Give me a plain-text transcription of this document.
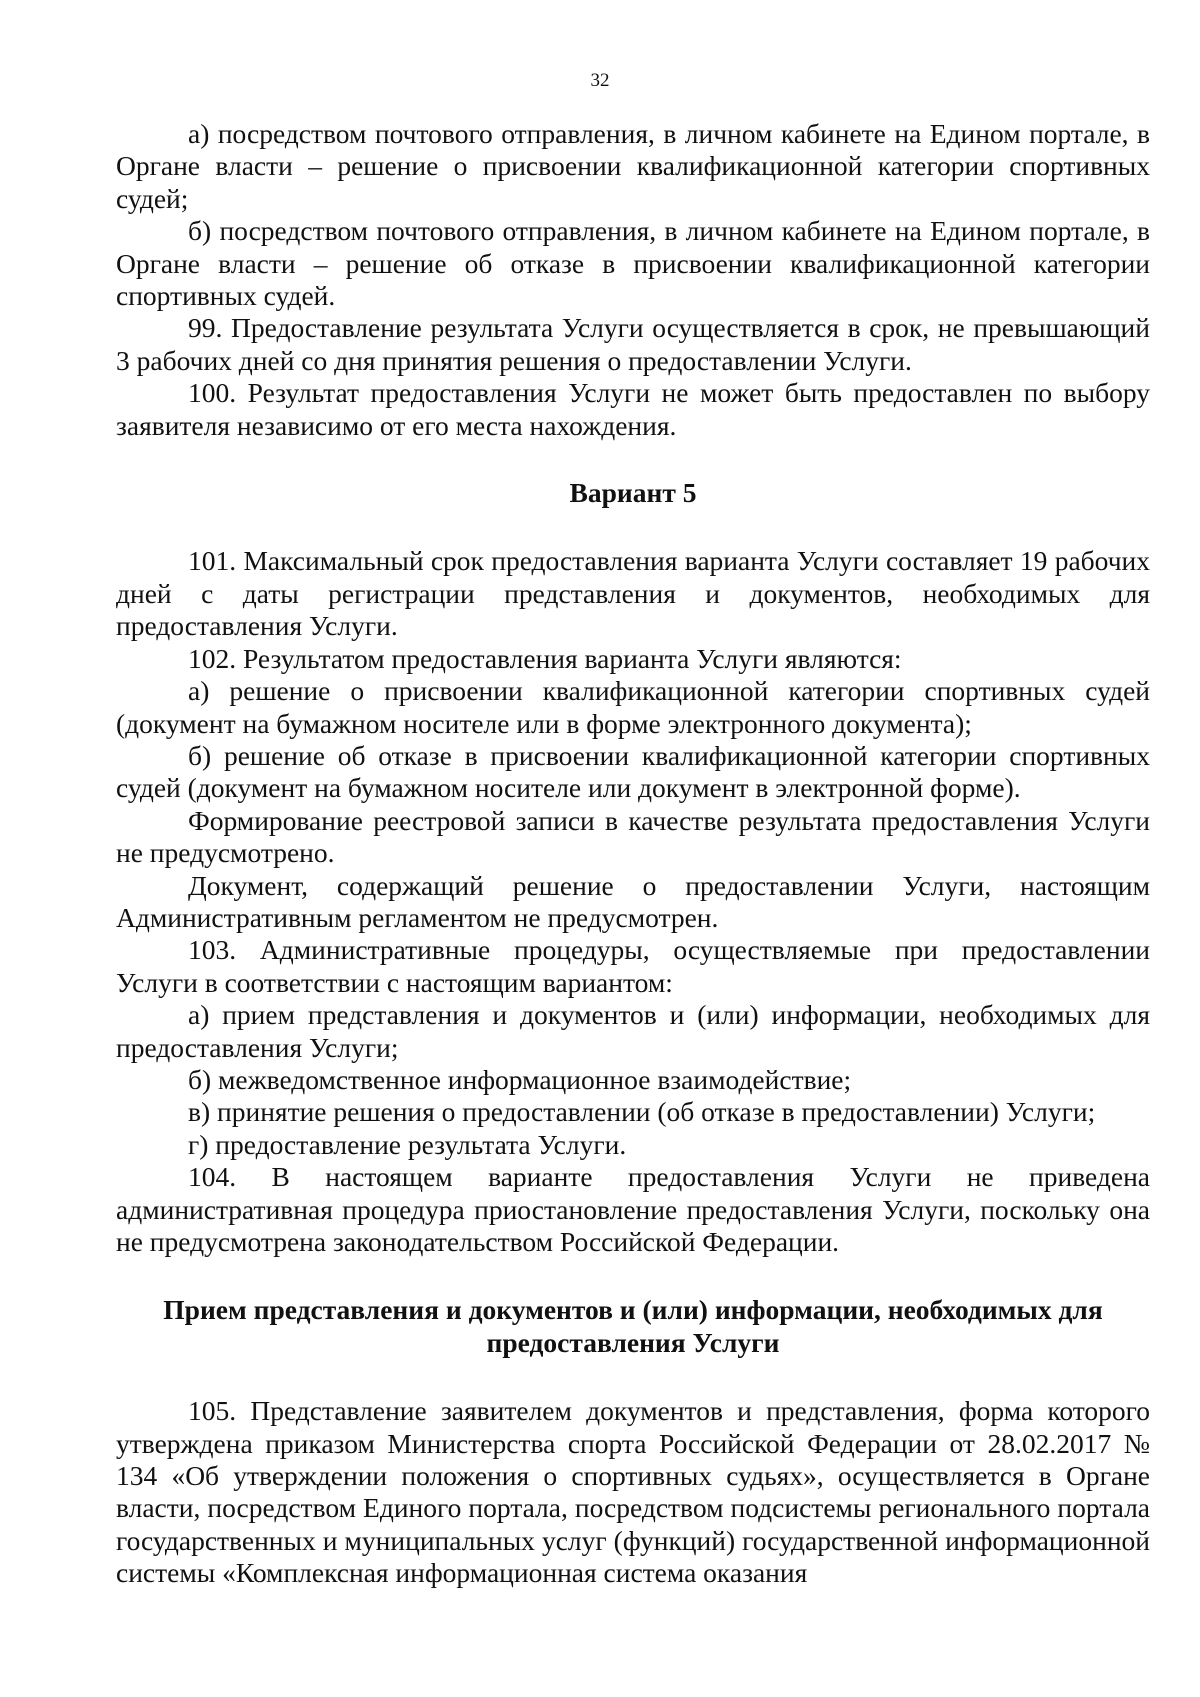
32

а) посредством почтового отправления, в личном кабинете на Едином портале, в Органе власти – решение о присвоении квалификационной категории спортивных судей;

б) посредством почтового отправления, в личном кабинете на Едином портале, в Органе власти – решение об отказе в присвоении квалификационной категории спортивных судей.

99. Предоставление результата Услуги осуществляется в срок, не превышающий 3 рабочих дней со дня принятия решения о предоставлении Услуги.

100. Результат предоставления Услуги не может быть предоставлен по выбору заявителя независимо от его места нахождения.

Вариант 5

101. Максимальный срок предоставления варианта Услуги составляет 19 рабочих дней с даты регистрации представления и документов, необходимых для предоставления Услуги.

102. Результатом предоставления варианта Услуги являются:

а) решение о присвоении квалификационной категории спортивных судей (документ на бумажном носителе или в форме электронного документа);

б) решение об отказе в присвоении квалификационной категории спортивных судей (документ на бумажном носителе или документ в электронной форме).

Формирование реестровой записи в качестве результата предоставления Услуги не предусмотрено.

Документ, содержащий решение о предоставлении Услуги, настоящим Административным регламентом не предусмотрен.

103. Административные процедуры, осуществляемые при предоставлении Услуги в соответствии с настоящим вариантом:

а) прием представления и документов и (или) информации, необходимых для предоставления Услуги;

б) межведомственное информационное взаимодействие;

в) принятие решения о предоставлении (об отказе в предоставлении) Услуги;

г) предоставление результата Услуги.

104. В настоящем варианте предоставления Услуги не приведена административная процедура приостановление предоставления Услуги, поскольку она не предусмотрена законодательством Российской Федерации.

Прием представления и документов и (или) информации, необходимых для предоставления Услуги

105. Представление заявителем документов и представления, форма которого утверждена приказом Министерства спорта Российской Федерации от 28.02.2017 № 134 «Об утверждении положения о спортивных судьях», осуществляется в Органе власти, посредством Единого портала, посредством подсистемы регионального портала государственных и муниципальных услуг (функций) государственной информационной системы «Комплексная информационная система оказания
